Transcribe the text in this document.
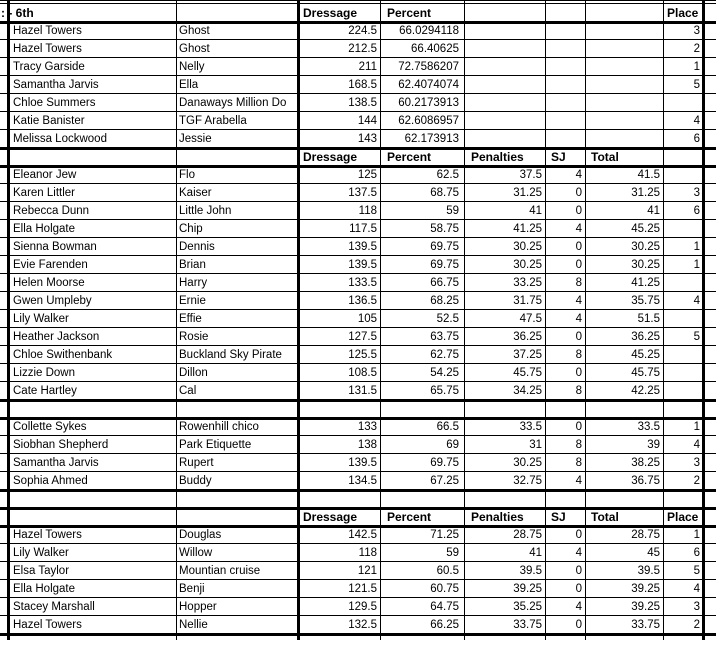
: - 6th	Dressage	Percent	Place
Hazel Towers	Ghost	224.5	66.0294118	3
Hazel Towers	Ghost	212.5	66.40625	2
Tracy Garside	Nelly	211	72.7586207	1
Samantha Jarvis	Ella	168.5	62.4074074	5
Chloe Summers	Danaways Million Do	138.5	60.2173913
Katie Banister	TGF Arabella	144	62.6086957	4
Melissa Lockwood	Jessie	143	62.173913	6
Dressage	Percent	Penalties	SJ	Total
Eleanor Jew	Flo	125	62.5	37.5	4	41.5
Karen Littler	Kaiser	137.5	68.75	31.25	0	31.25	3
Rebecca Dunn	Little John	118	59	41	0	41	6
Ella Holgate	Chip	117.5	58.75	41.25	4	45.25
Sienna Bowman	Dennis	139.5	69.75	30.25	0	30.25	1
Evie Farenden	Brian	139.5	69.75	30.25	0	30.25	1
Helen Moorse	Harry	133.5	66.75	33.25	8	41.25
Gwen Umpleby	Ernie	136.5	68.25	31.75	4	35.75	4
Lily Walker	Effie	105	52.5	47.5	4	51.5
Heather Jackson	Rosie	127.5	63.75	36.25	0	36.25	5
Chloe Swithenbank	Buckland Sky Pirate	125.5	62.75	37.25	8	45.25
Lizzie Down	Dillon	108.5	54.25	45.75	0	45.75
Cate Hartley	Cal	131.5	65.75	34.25	8	42.25
Collette Sykes	Rowenhill chico	133	66.5	33.5	0	33.5	1
Siobhan Shepherd	Park Etiquette	138	69	31	8	39	4
Samantha Jarvis	Rupert	139.5	69.75	30.25	8	38.25	3
Sophia Ahmed	Buddy	134.5	67.25	32.75	4	36.75	2
Dressage	Percent	Penalties	SJ	Total	Place
Hazel Towers	Douglas	142.5	71.25	28.75	0	28.75	1
Lily Walker	Willow	118	59	41	4	45	6
Elsa Taylor	Mountian cruise	121	60.5	39.5	0	39.5	5
Ella Holgate	Benji	121.5	60.75	39.25	0	39.25	4
Stacey Marshall	Hopper	129.5	64.75	35.25	4	39.25	3
Hazel Towers	Nellie	132.5	66.25	33.75	0	33.75	2
